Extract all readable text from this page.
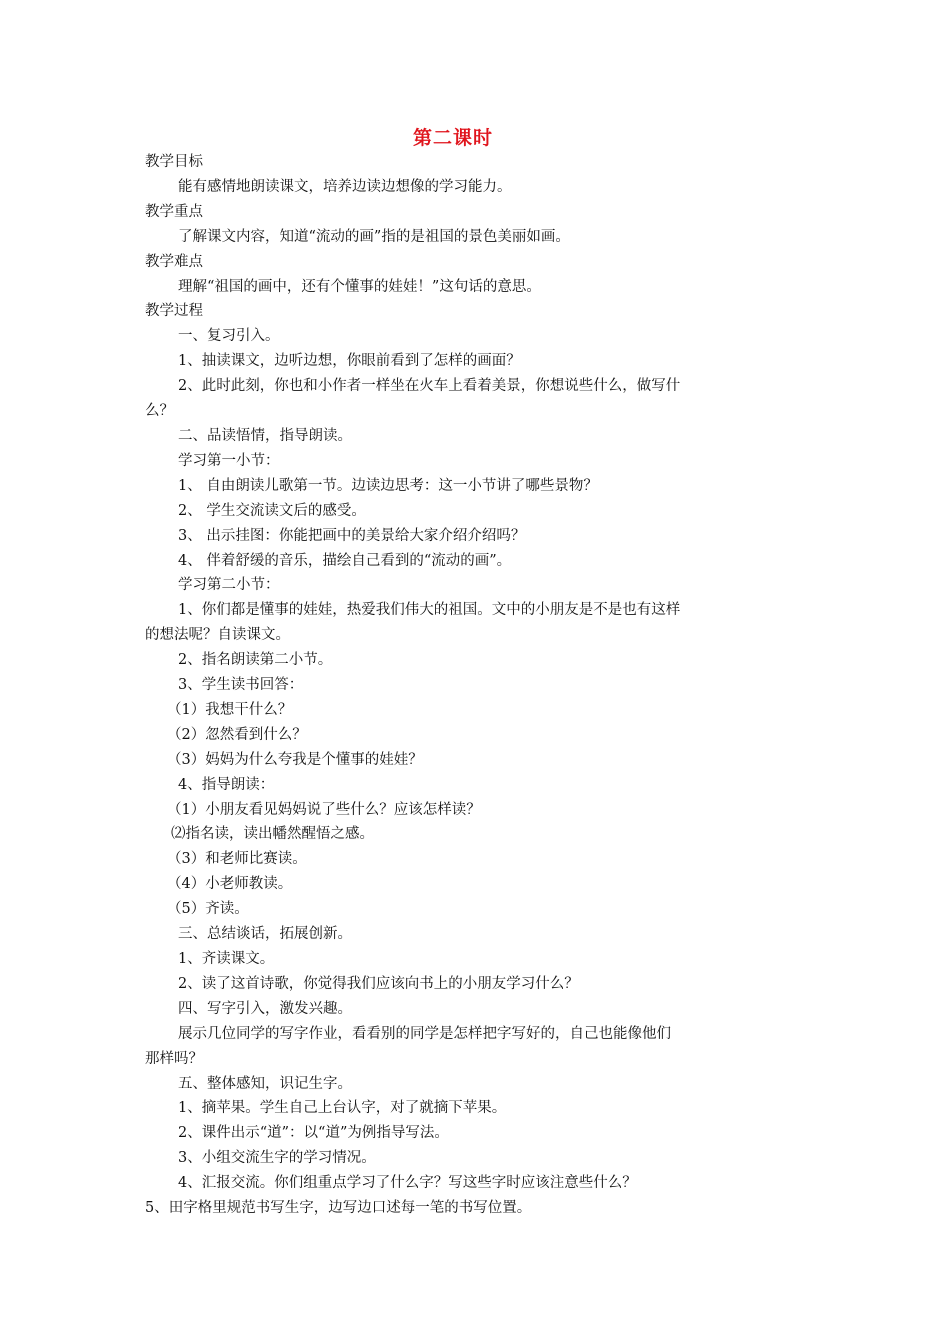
第二课时
教学目标
能有感情地朗读课文，培养边读边想像的学习能力。
教学重点
了解课文内容，知道“流动的画”指的是祖国的景色美丽如画。
教学难点
理解“祖国的画中，还有个懂事的娃娃！”这句话的意思。
教学过程
一、复习引入。
1、抽读课文，边听边想，你眼前看到了怎样的画面？
2、此时此刻，你也和小作者一样坐在火车上看着美景，你想说些什么，做写什
么？
二、品读悟情，指导朗读。
学习第一小节：
1、 自由朗读儿歌第一节。边读边思考：这一小节讲了哪些景物？
2、 学生交流读文后的感受。
3、 出示挂图：你能把画中的美景给大家介绍介绍吗？
4、 伴着舒缓的音乐，描绘自己看到的“流动的画”。
学习第二小节：
1、你们都是懂事的娃娃，热爱我们伟大的祖国。文中的小朋友是不是也有这样
的想法呢？自读课文。
2、指名朗读第二小节。
3、学生读书回答：
（1）我想干什么？
（2）忽然看到什么？
（3）妈妈为什么夸我是个懂事的娃娃？
4、指导朗读：
（1）小朋友看见妈妈说了些什么？应该怎样读？
⑵指名读，读出幡然醒悟之感。
（3）和老师比赛读。
（4）小老师教读。
（5）齐读。
三、总结谈话，拓展创新。
1、齐读课文。
2、读了这首诗歌，你觉得我们应该向书上的小朋友学习什么？
四、写字引入，激发兴趣。
展示几位同学的写字作业，看看别的同学是怎样把字写好的，自己也能像他们
那样吗？
五、整体感知，识记生字。
1、摘苹果。学生自己上台认字，对了就摘下苹果。
2、课件出示“道”：以“道”为例指导写法。
3、小组交流生字的学习情况。
4、汇报交流。你们组重点学习了什么字？写这些字时应该注意些什么？
5、田字格里规范书写生字，边写边口述每一笔的书写位置。
